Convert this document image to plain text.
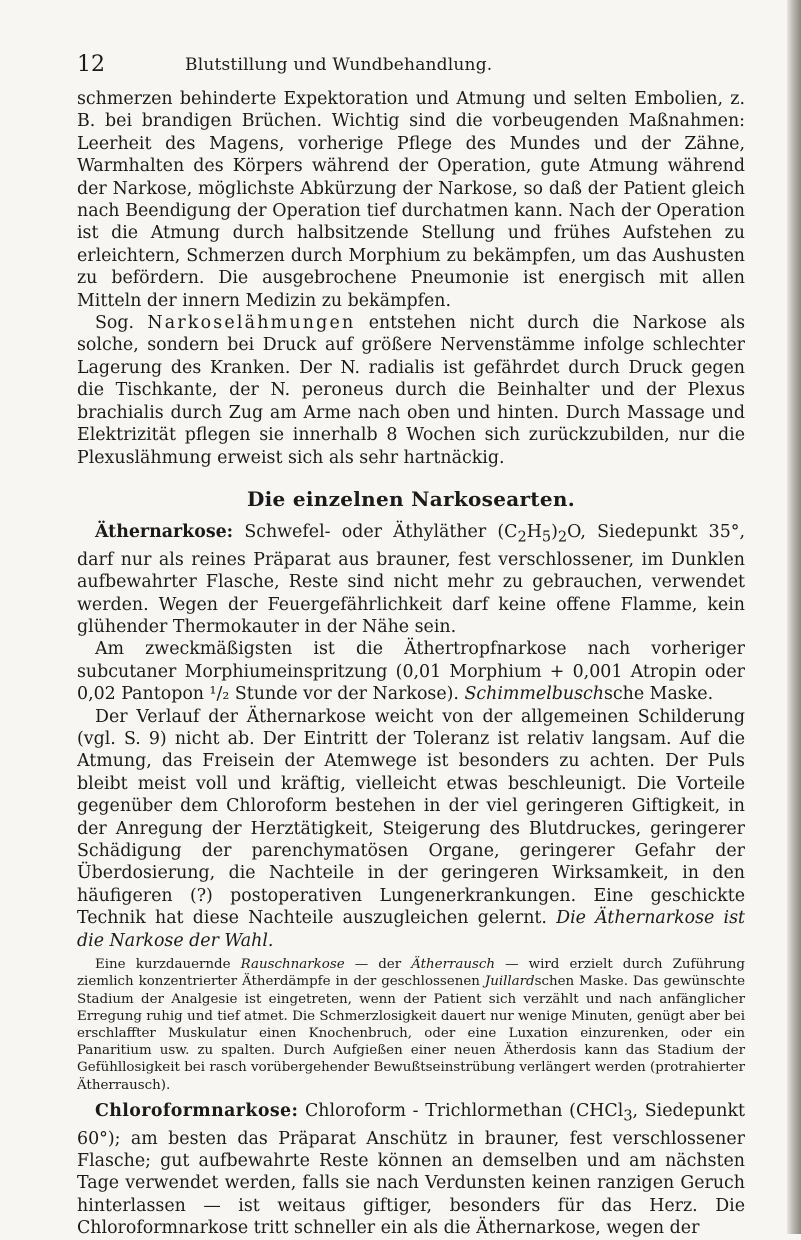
12	Blutstillung und Wundbehandlung.

schmerzen behinderte Expektoration und Atmung und selten Embolien, z. B. bei brandigen Brüchen. Wichtig sind die vorbeugenden Maßnahmen: Leerheit des Magens, vorherige Pflege des Mundes und der Zähne, Warmhalten des Körpers während der Operation, gute Atmung während der Narkose, möglichste Abkürzung der Narkose, so daß der Patient gleich nach Beendigung der Operation tief durchatmen kann. Nach der Operation ist die Atmung durch halbsitzende Stellung und frühes Aufstehen zu erleichtern, Schmerzen durch Morphium zu bekämpfen, um das Aushusten zu befördern. Die ausgebrochene Pneumonie ist energisch mit allen Mitteln der innern Medizin zu bekämpfen.

Sog. Narkoselähmungen entstehen nicht durch die Narkose als solche, sondern bei Druck auf größere Nervenstämme infolge schlechter Lagerung des Kranken. Der N. radialis ist gefährdet durch Druck gegen die Tischkante, der N. peroneus durch die Beinhalter und der Plexus brachialis durch Zug am Arme nach oben und hinten. Durch Massage und Elektrizität pflegen sie innerhalb 8 Wochen sich zurückzubilden, nur die Plexuslähmung erweist sich als sehr hartnäckig.

Die einzelnen Narkosearten.

Äthernarkose: Schwefel- oder Äthyläther $(C_2H_5)_2O$, Siedepunkt 35°, darf nur als reines Präparat aus brauner, fest verschlossener, im Dunklen aufbewahrter Flasche, Reste sind nicht mehr zu gebrauchen, verwendet werden. Wegen der Feuergefährlichkeit darf keine offene Flamme, kein glühender Thermokauter in der Nähe sein.

Am zweckmäßigsten ist die Äthertropfnarkose nach vorheriger subcutaner Morphiumeinspritzung (0,01 Morphium + 0,001 Atropin oder 0,02 Pantopon ¹/₂ Stunde vor der Narkose). Schimmelbuschsche Maske.

Der Verlauf der Äthernarkose weicht von der allgemeinen Schilderung (vgl. S. 9) nicht ab. Der Eintritt der Toleranz ist relativ langsam. Auf die Atmung, das Freisein der Atemwege ist besonders zu achten. Der Puls bleibt meist voll und kräftig, vielleicht etwas beschleunigt. Die Vorteile gegenüber dem Chloroform bestehen in der viel geringeren Giftigkeit, in der Anregung der Herztätigkeit, Steigerung des Blutdruckes, geringerer Schädigung der parenchymatösen Organe, geringerer Gefahr der Überdosierung, die Nachteile in der geringeren Wirksamkeit, in den häufigeren (?) postoperativen Lungenerkrankungen. Eine geschickte Technik hat diese Nachteile auszugleichen gelernt. Die Äthernarkose ist die Narkose der Wahl.

Eine kurzdauernde Rauschnarkose — der Ätherrausch — wird erzielt durch Zuführung ziemlich konzentrierter Ätherdämpfe in der geschlossenen Juillardschen Maske. Das gewünschte Stadium der Analgesie ist eingetreten, wenn der Patient sich verzählt und nach anfänglicher Erregung ruhig und tief atmet. Die Schmerzlosigkeit dauert nur wenige Minuten, genügt aber bei erschlaffter Muskulatur einen Knochenbruch, oder eine Luxation einzurenken, oder ein Panaritium usw. zu spalten. Durch Aufgießen einer neuen Ätherdosis kann das Stadium der Gefühllosigkeit bei rasch vorübergehender Bewußtseinstrübung verlängert werden (protrahierter Ätherrausch).

Chloroformnarkose: Chloroform - Trichlormethan (CHCl$_3$, Siedepunkt 60°); am besten das Präparat Anschütz in brauner, fest verschlossener Flasche; gut aufbewahrte Reste können an demselben und am nächsten Tage verwendet werden, falls sie nach Verdunsten keinen ranzigen Geruch hinterlassen — ist weitaus giftiger, besonders für das Herz. Die Chloroformnarkose tritt schneller ein als die Äthernarkose, wegen der
